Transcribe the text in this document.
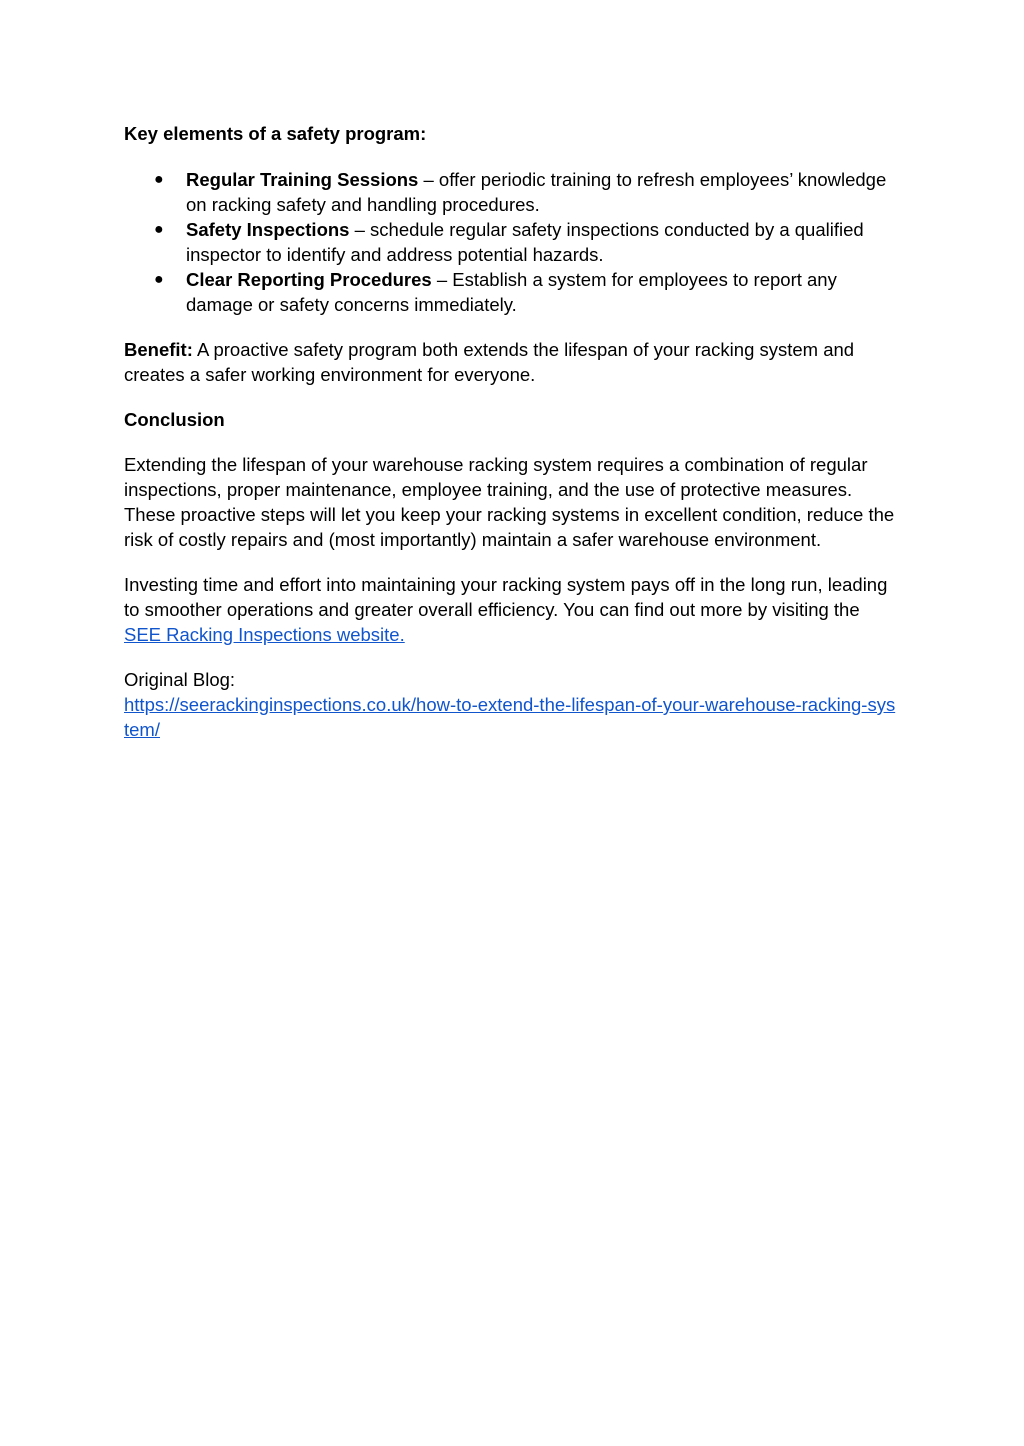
Key elements of a safety program:

● Regular Training Sessions – offer periodic training to refresh employees’ knowledge on racking safety and handling procedures.
● Safety Inspections – schedule regular safety inspections conducted by a qualified inspector to identify and address potential hazards.
● Clear Reporting Procedures – Establish a system for employees to report any damage or safety concerns immediately.

Benefit: A proactive safety program both extends the lifespan of your racking system and creates a safer working environment for everyone.

Conclusion

Extending the lifespan of your warehouse racking system requires a combination of regular inspections, proper maintenance, employee training, and the use of protective measures. These proactive steps will let you keep your racking systems in excellent condition, reduce the risk of costly repairs and (most importantly) maintain a safer warehouse environment.

Investing time and effort into maintaining your racking system pays off in the long run, leading to smoother operations and greater overall efficiency. You can find out more by visiting the SEE Racking Inspections website.

Original Blog:
https://seerackinginspections.co.uk/how-to-extend-the-lifespan-of-your-warehouse-racking-system/
